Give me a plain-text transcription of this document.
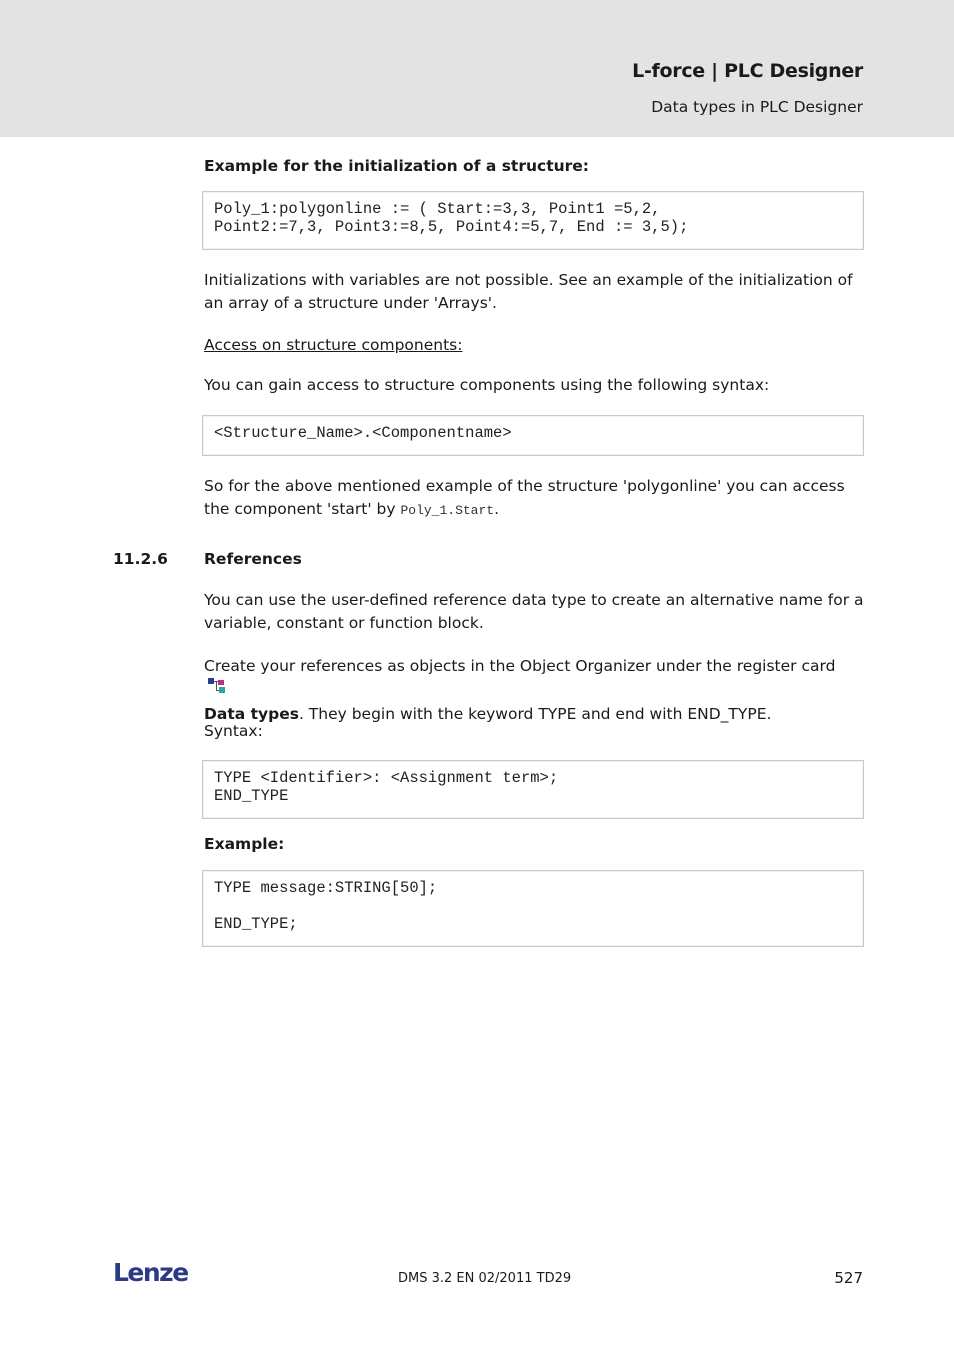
L-force | PLC Designer
Data types in PLC Designer
Example for the initialization of a structure:
Poly_1:polygonline := ( Start:=3,3, Point1 =5,2,
Point2:=7,3, Point3:=8,5, Point4:=5,7, End := 3,5);
Initializations with variables are not possible. See an example of the initialization of an array of a structure under 'Arrays'.
Access on structure components:
You can gain access to structure components using the following syntax:
<Structure_Name>.<Componentname>
So for the above mentioned example of the structure 'polygonline' you can access the component 'start' by Poly_1.Start.
11.2.6 References
You can use the user-defined reference data type to create an alternative name for a variable, constant or function block.
Create your references as objects in the Object Organizer under the register card

Data types. They begin with the keyword TYPE and end with END_TYPE.
Syntax:
TYPE <Identifier>: <Assignment term>;
END_TYPE
Example:
TYPE message:STRING[50];
END_TYPE;
Lenze	DMS 3.2 EN 02/2011 TD29	527
